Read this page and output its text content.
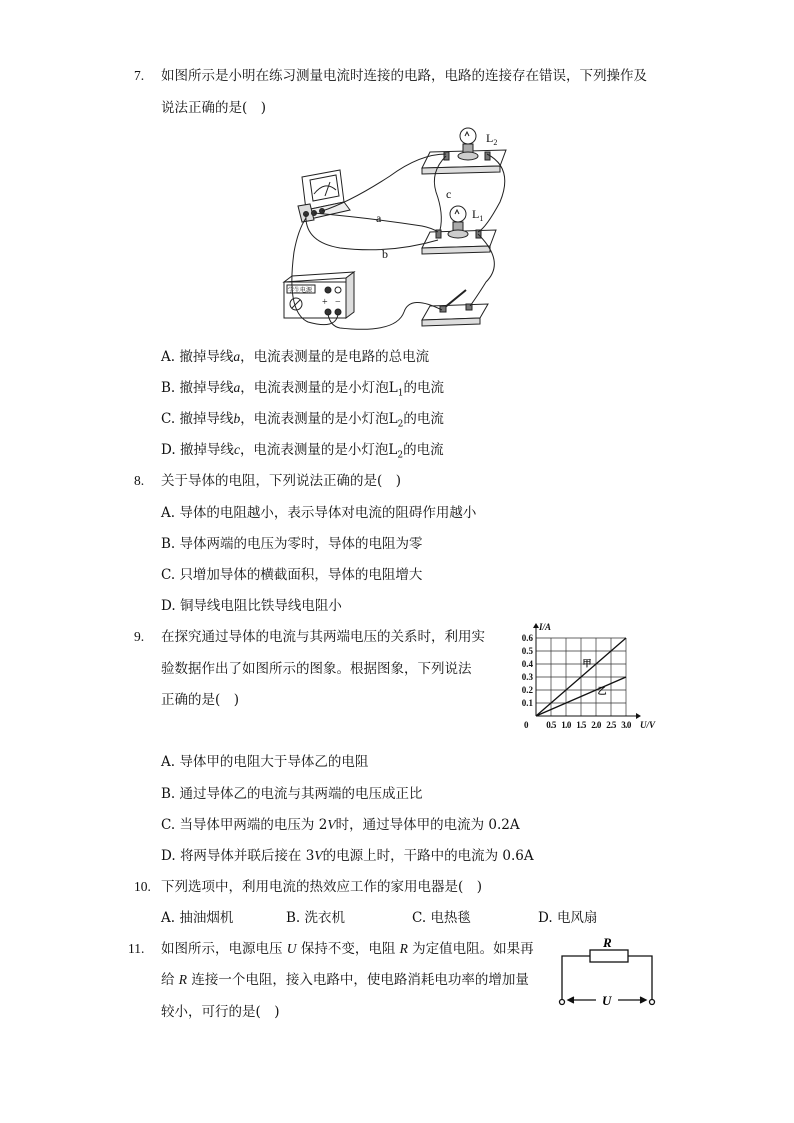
7. 如图所示是小明在练习测量电流时连接的电路，电路的连接存在错误，下列操作及
说法正确的是(　)
$L_2$
$L_1$
a
b
c
学生电源
+ −
A. 撤掉导线a，电流表测量的是电路的总电流
B. 撤掉导线a，电流表测量的是小灯泡$L_1$的电流
C. 撤掉导线b，电流表测量的是小灯泡$L_2$的电流
D. 撤掉导线c，电流表测量的是小灯泡$L_2$的电流
8. 关于导体的电阻，下列说法正确的是(　)
A. 导体的电阻越小，表示导体对电流的阻碍作用越小
B. 导体两端的电压为零时，导体的电阻为零
C. 只增加导体的横截面积，导体的电阻增大
D. 铜导线电阻比铁导线电阻小
9. 在探究通过导体的电流与其两端电压的关系时，利用实
验数据作出了如图所示的图象。根据图象，下列说法
正确的是(　)
甲
乙
0.1
0.2
0.3
0.4
0.5
0.6
0.5 1.0 1.5 2.0 2.5 3.0
0
I/A
U/V
A. 导体甲的电阻大于导体乙的电阻
B. 通过导体乙的电流与其两端的电压成正比
C. 当导体甲两端的电压为 2V时，通过导体甲的电流为 0.2A
D. 将两导体并联后接在 3V的电源上时，干路中的电流为 0.6A
10. 下列选项中，利用电流的热效应工作的家用电器是(　)
A. 抽油烟机	B. 洗衣机	C. 电热毯	D. 电风扇
11. 如图所示，电源电压 U 保持不变，电阻 R 为定值电阻。如果再
给 R 连接一个电阻，接入电路中，使电路消耗电功率的增加量
较小，可行的是(　)
R
U
